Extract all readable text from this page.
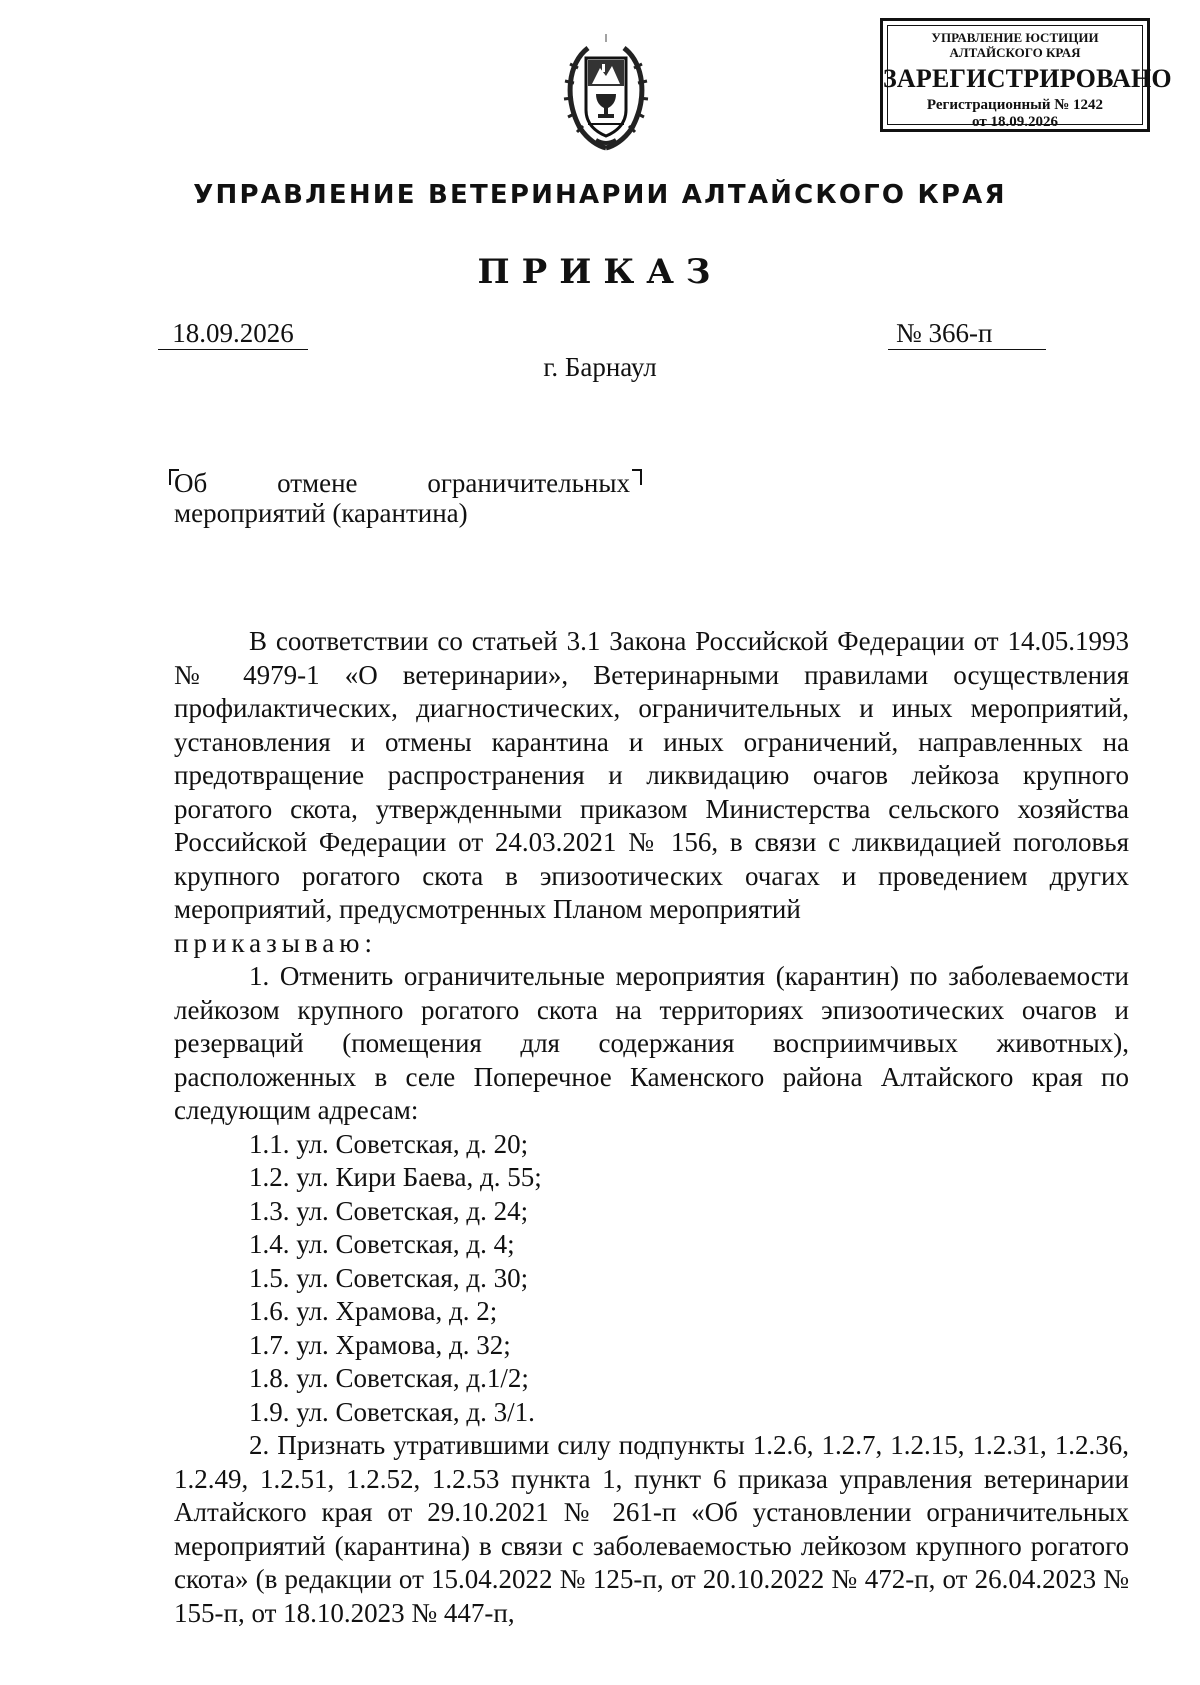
УПРАВЛЕНИЕ ЮСТИЦИИ
АЛТАЙСКОГО КРАЯ
ЗАРЕГИСТРИРОВАНО
Регистрационный № 1242
от 18.09.2026
УПРАВЛЕНИЕ ВЕТЕРИНАРИИ АЛТАЙСКОГО КРАЯ
ПРИКАЗ
18.09.2026	№ 366-п
г. Барнаул
Об	отмене	ограничительных
мероприятий (карантина)

В соответствии со статьей 3.1 Закона Российской Федерации от 14.05.1993 № 4979-1 «О ветеринарии», Ветеринарными правилами осуществления профилактических, диагностических, ограничительных и иных мероприятий, установления и отмены карантина и иных ограничений, направленных на предотвращение распространения и ликвидацию очагов лейкоза крупного рогатого скота, утвержденными приказом Министерства сельского хозяйства Российской Федерации от 24.03.2021 № 156, в связи с ликвидацией поголовья крупного рогатого скота в эпизоотических очагах и проведением других мероприятий, предусмотренных Планом мероприятий

приказываю:

1. Отменить ограничительные мероприятия (карантин) по заболеваемости лейкозом крупного рогатого скота на территориях эпизоотических очагов и резерваций (помещения для содержания восприимчивых животных), расположенных в селе Поперечное Каменского района Алтайского края по следующим адресам:

1.1. ул. Советская, д. 20;

1.2. ул. Кири Баева, д. 55;

1.3. ул. Советская, д. 24;

1.4. ул. Советская, д. 4;

1.5. ул. Советская, д. 30;

1.6. ул. Храмова, д. 2;

1.7. ул. Храмова, д. 32;

1.8. ул. Советская, д.1/2;

1.9. ул. Советская, д. 3/1.

2. Признать утратившими силу подпункты 1.2.6, 1.2.7, 1.2.15, 1.2.31, 1.2.36, 1.2.49, 1.2.51, 1.2.52, 1.2.53 пункта 1, пункт 6 приказа управления ветеринарии Алтайского края от 29.10.2021 № 261-п «Об установлении ограничительных мероприятий (карантина) в связи с заболеваемостью лейкозом крупного рогатого скота» (в редакции от 15.04.2022 № 125-п, от 20.10.2022 № 472-п, от 26.04.2023 № 155-п, от 18.10.2023 № 447-п,
